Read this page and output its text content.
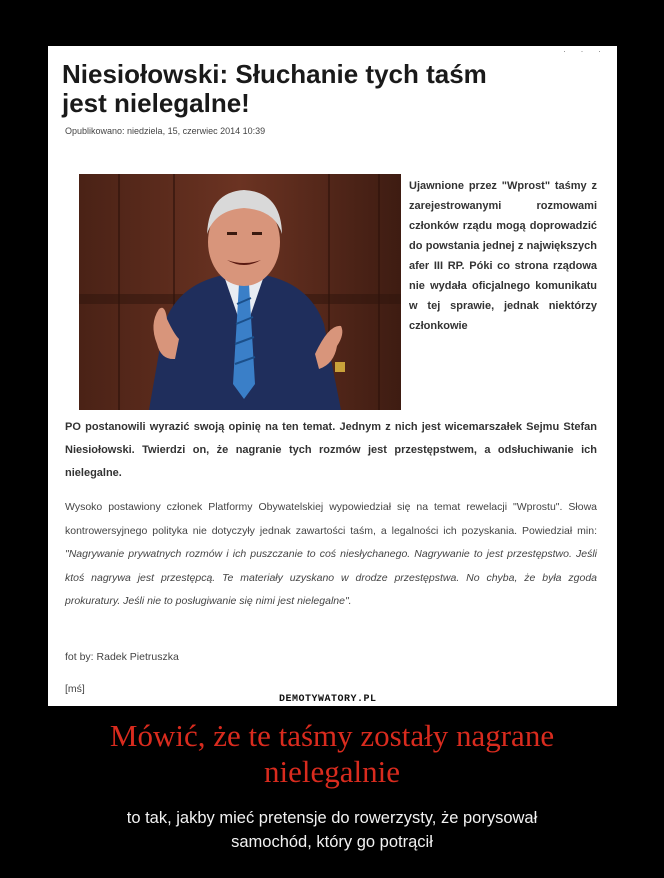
· · ·
Niesiołowski: Słuchanie tych taśm
jest nielegalne!
Opublikowano: niedziela, 15, czerwiec 2014 10:39

Ujawnione przez "Wprost" taśmy z zarejestrowanymi rozmowami członków rządu mogą doprowadzić do powstania jednej z największych afer III RP. Póki co strona rządowa nie wydała oficjalnego komunikatu w tej sprawie, jednak niektórzy członkowie

PO postanowili wyrazić swoją opinię na ten temat. Jednym z nich jest wicemarszałek Sejmu Stefan Niesiołowski. Twierdzi on, że nagranie tych rozmów jest przestępstwem, a odsłuchiwanie ich nielegalne.

Wysoko postawiony członek Platformy Obywatelskiej wypowiedział się na temat rewelacji "Wprostu". Słowa kontrowersyjnego polityka nie dotyczyły jednak zawartości taśm, a legalności ich pozyskania. Powiedział min: "Nagrywanie prywatnych rozmów i ich puszczanie to coś niesłychanego. Nagrywanie to jest przestępstwo. Jeśli ktoś nagrywa jest przestępcą. Te materiały uzyskano w drodze przestępstwa. No chyba, że była zgoda prokuratury. Jeśli nie to posługiwanie się nimi jest nielegalne".

fot by: Radek Pietruszka
[mś]
DEMOTYWATORY.PL
Mówić, że te taśmy zostały nagrane
nielegalnie

to tak, jakby mieć pretensje do rowerzysty, że porysował
samochód, który go potrącił
